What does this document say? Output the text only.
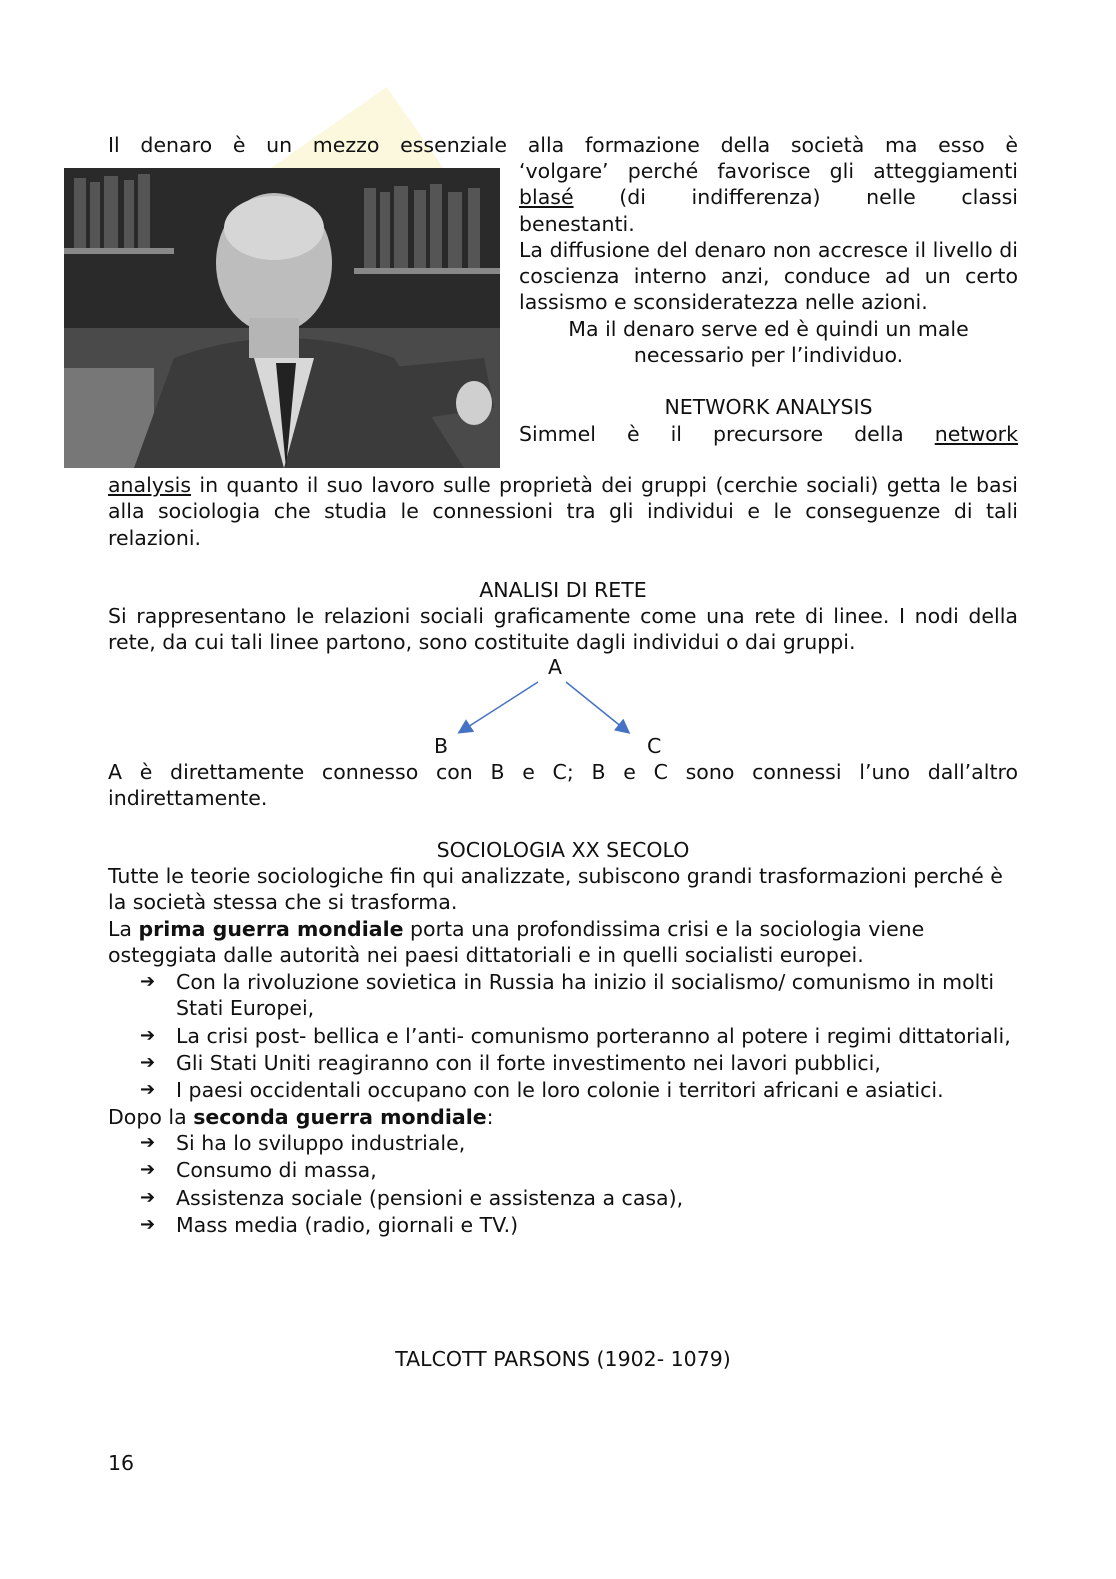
Il denaro è un mezzo essenziale alla formazione della società ma esso è
‘volgare’ perché favorisce gli atteggiamenti
blasé (di indifferenza) nelle classi
benestanti.
La diffusione del denaro non accresce il livello di coscienza interno anzi, conduce ad un certo lassismo e sconsideratezza nelle azioni.
Ma il denaro serve ed è quindi un male
necessario per l’individuo.
NETWORK ANALYSIS
Simmel è il precursore della network
analysis in quanto il suo lavoro sulle proprietà dei gruppi (cerchie sociali) getta le basi alla sociologia che studia le connessioni tra gli individui e le conseguenze di tali relazioni.
ANALISI DI RETE
Si rappresentano le relazioni sociali graficamente come una rete di linee. I nodi della rete, da cui tali linee partono, sono costituite dagli individui o dai gruppi.
A
B	C
A è direttamente connesso con B e C; B e C sono connessi l’uno dall’altro indirettamente.
SOCIOLOGIA XX SECOLO
Tutte le teorie sociologiche fin qui analizzate, subiscono grandi trasformazioni perché è la società stessa che si trasforma.
La prima guerra mondiale porta una profondissima crisi e la sociologia viene osteggiata dalle autorità nei paesi dittatoriali e in quelli socialisti europei.
➔ Con la rivoluzione sovietica in Russia ha inizio il socialismo/ comunismo in molti Stati Europei,
➔ La crisi post- bellica e l’anti- comunismo porteranno al potere i regimi dittatoriali,
➔ Gli Stati Uniti reagiranno con il forte investimento nei lavori pubblici,
➔ I paesi occidentali occupano con le loro colonie i territori africani e asiatici.
Dopo la seconda guerra mondiale:
➔ Si ha lo sviluppo industriale,
➔ Consumo di massa,
➔ Assistenza sociale (pensioni e assistenza a casa),
➔ Mass media (radio, giornali e TV.)
TALCOTT PARSONS (1902- 1079)
16
